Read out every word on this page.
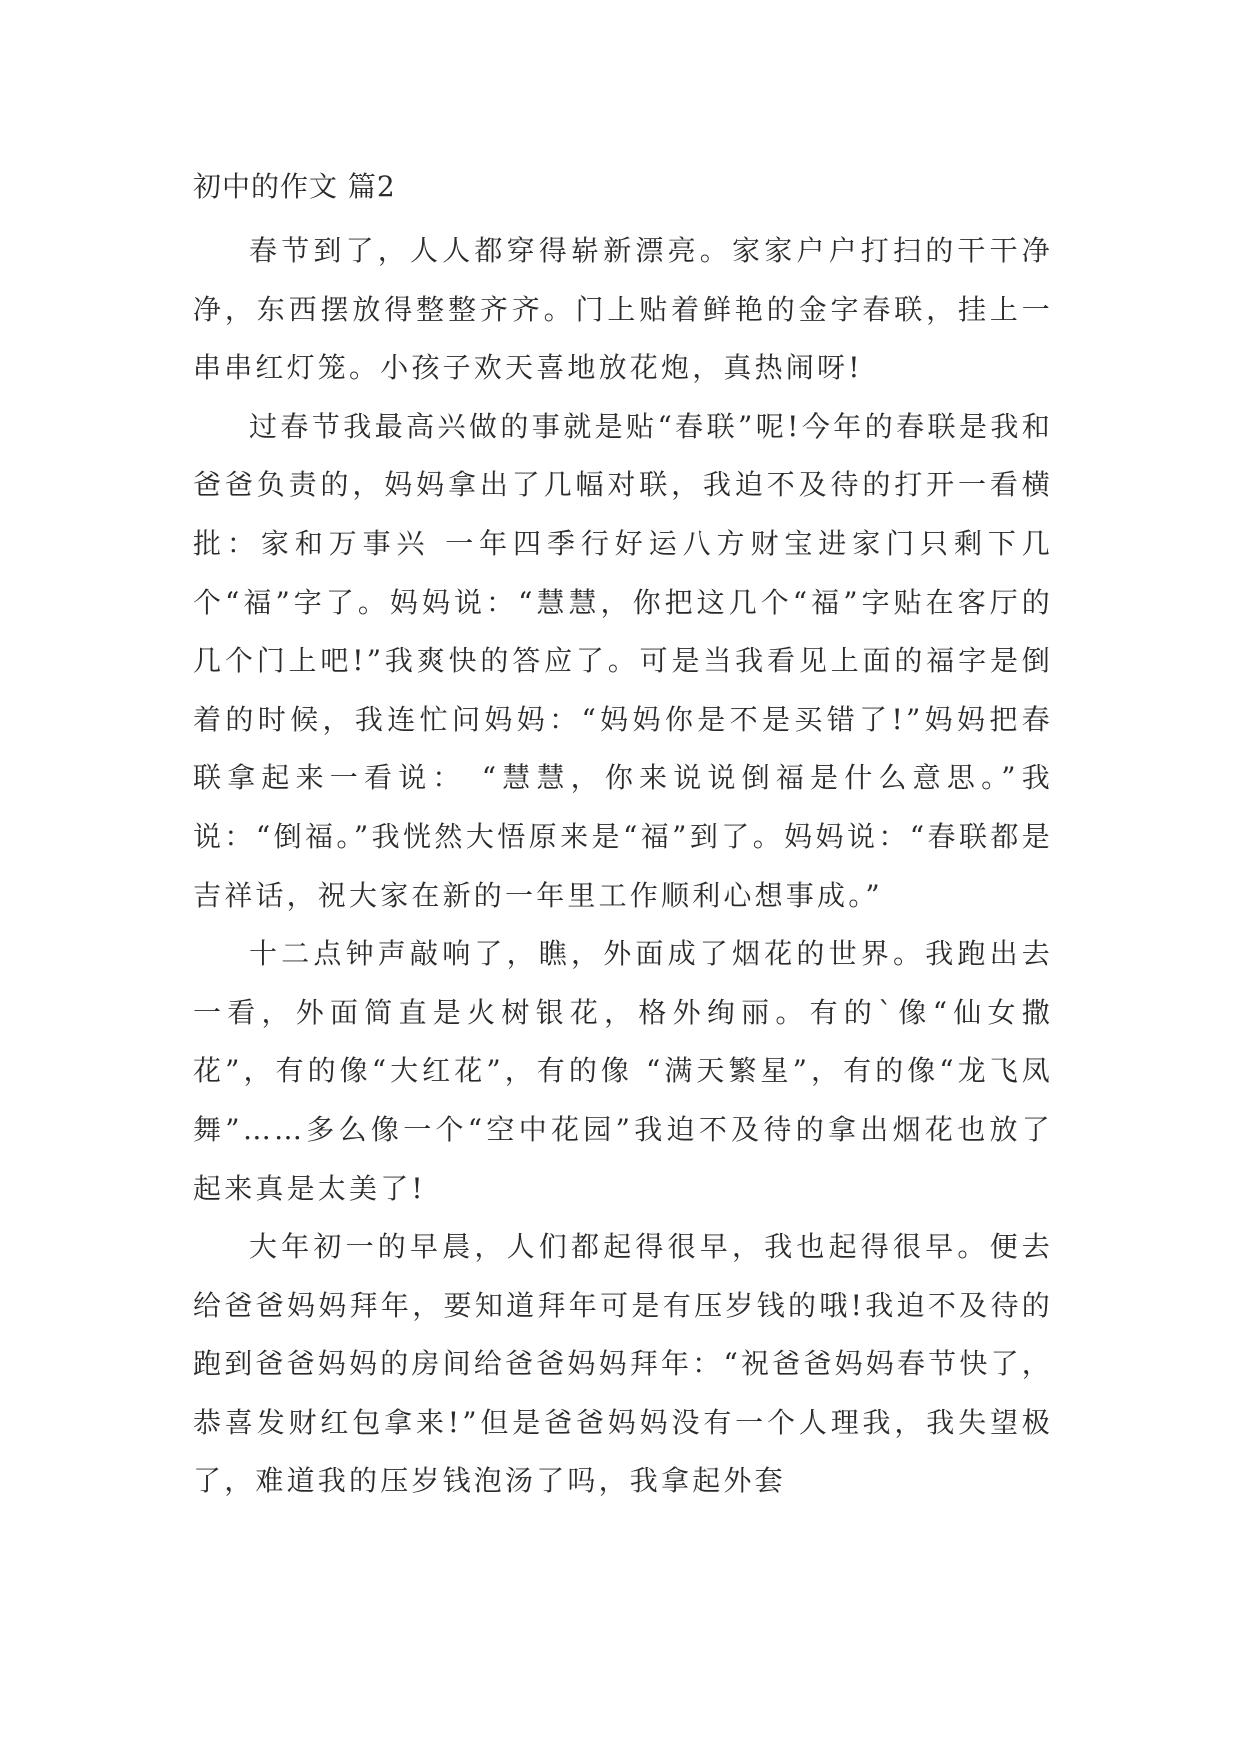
初中的作文 篇2

春节到了，人人都穿得崭新漂亮。家家户户打扫的干干净净，东西摆放得整整齐齐。门上贴着鲜艳的金字春联，挂上一串串红灯笼。小孩子欢天喜地放花炮，真热闹呀!

过春节我最高兴做的事就是贴“春联”呢!今年的春联是我和爸爸负责的，妈妈拿出了几幅对联，我迫不及待的打开一看横批：家和万事兴 一年四季行好运八方财宝进家门只剩下几个“福”字了。妈妈说：“慧慧，你把这几个“福”字贴在客厅的几个门上吧!”我爽快的答应了。可是当我看见上面的福字是倒着的时候，我连忙问妈妈：“妈妈你是不是买错了!”妈妈把春联拿起来一看说： “慧慧，你来说说倒福是什么意思。”我说：“倒福。”我恍然大悟原来是“福”到了。妈妈说：“春联都是吉祥话，祝大家在新的一年里工作顺利心想事成。”

十二点钟声敲响了，瞧，外面成了烟花的世界。我跑出去一看，外面简直是火树银花，格外绚丽。有的`像“仙女撒花”，有的像“大红花”，有的像 “满天繁星”，有的像“龙飞凤舞”……多么像一个“空中花园”我迫不及待的拿出烟花也放了起来真是太美了!

大年初一的早晨，人们都起得很早，我也起得很早。便去给爸爸妈妈拜年，要知道拜年可是有压岁钱的哦!我迫不及待的跑到爸爸妈妈的房间给爸爸妈妈拜年：“祝爸爸妈妈春节快了，恭喜发财红包拿来!”但是爸爸妈妈没有一个人理我，我失望极了，难道我的压岁钱泡汤了吗，我拿起外套
